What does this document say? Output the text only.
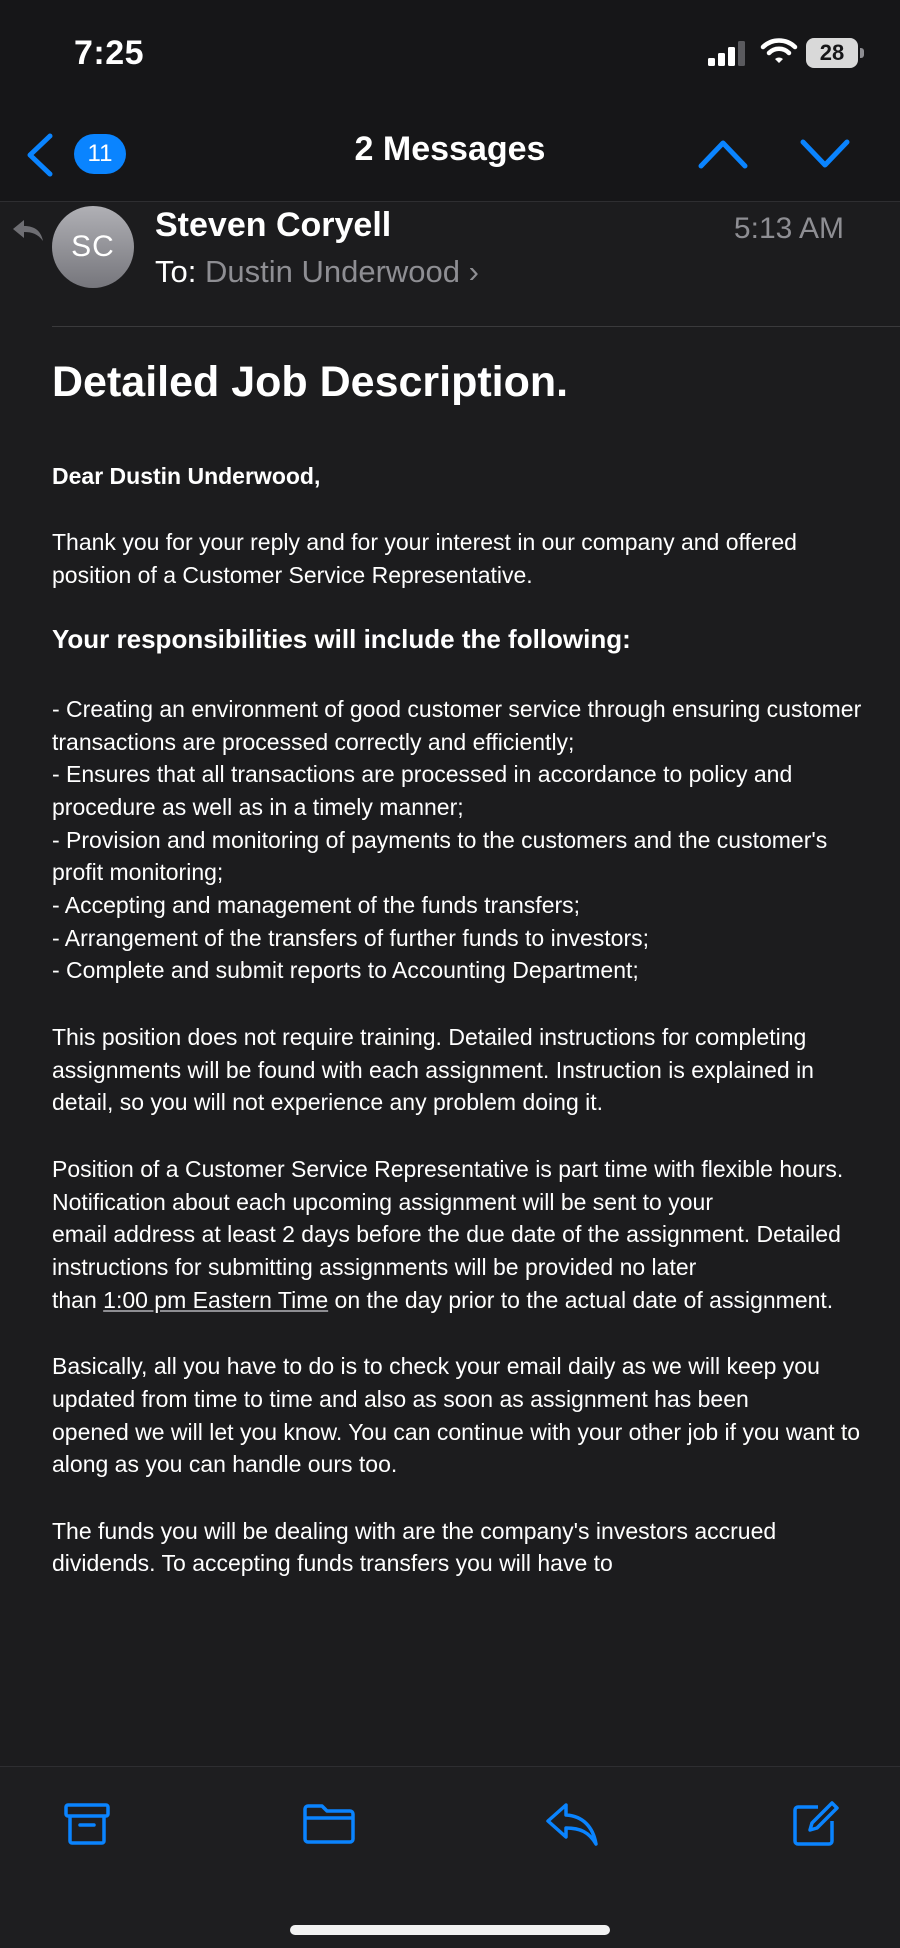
7:25	28
11	2 Messages
SC
Steven Coryell	5:13 AM
To: Dustin Underwood ›
Detailed Job Description.
Dear Dustin Underwood,
Thank you for your reply and for your interest in our company and offered position of a Customer Service Representative.
Your responsibilities will include the following:
- Creating an environment of good customer service through ensuring customer transactions are processed correctly and efficiently;
- Ensures that all transactions are processed in accordance to policy and procedure as well as in a timely manner;
- Provision and monitoring of payments to the customers and the customer's profit monitoring;
- Accepting and management of the funds transfers;
- Arrangement of the transfers of further funds to investors;
- Complete and submit reports to Accounting Department;
This position does not require training. Detailed instructions for completing assignments will be found with each assignment. Instruction is explained in detail, so you will not experience any problem doing it.
Position of a Customer Service Representative is part time with flexible hours. Notification about each upcoming assignment will be sent to your
email address at least 2 days before the due date of the assignment. Detailed instructions for submitting assignments will be provided no later
than 1:00 pm Eastern Time on the day prior to the actual date of assignment.
Basically, all you have to do is to check your email daily as we will keep you updated from time to time and also as soon as assignment has been
opened we will let you know. You can continue with your other job if you want to along as you can handle ours too.
The funds you will be dealing with are the company's investors accrued dividends. To accepting funds transfers you will have to
